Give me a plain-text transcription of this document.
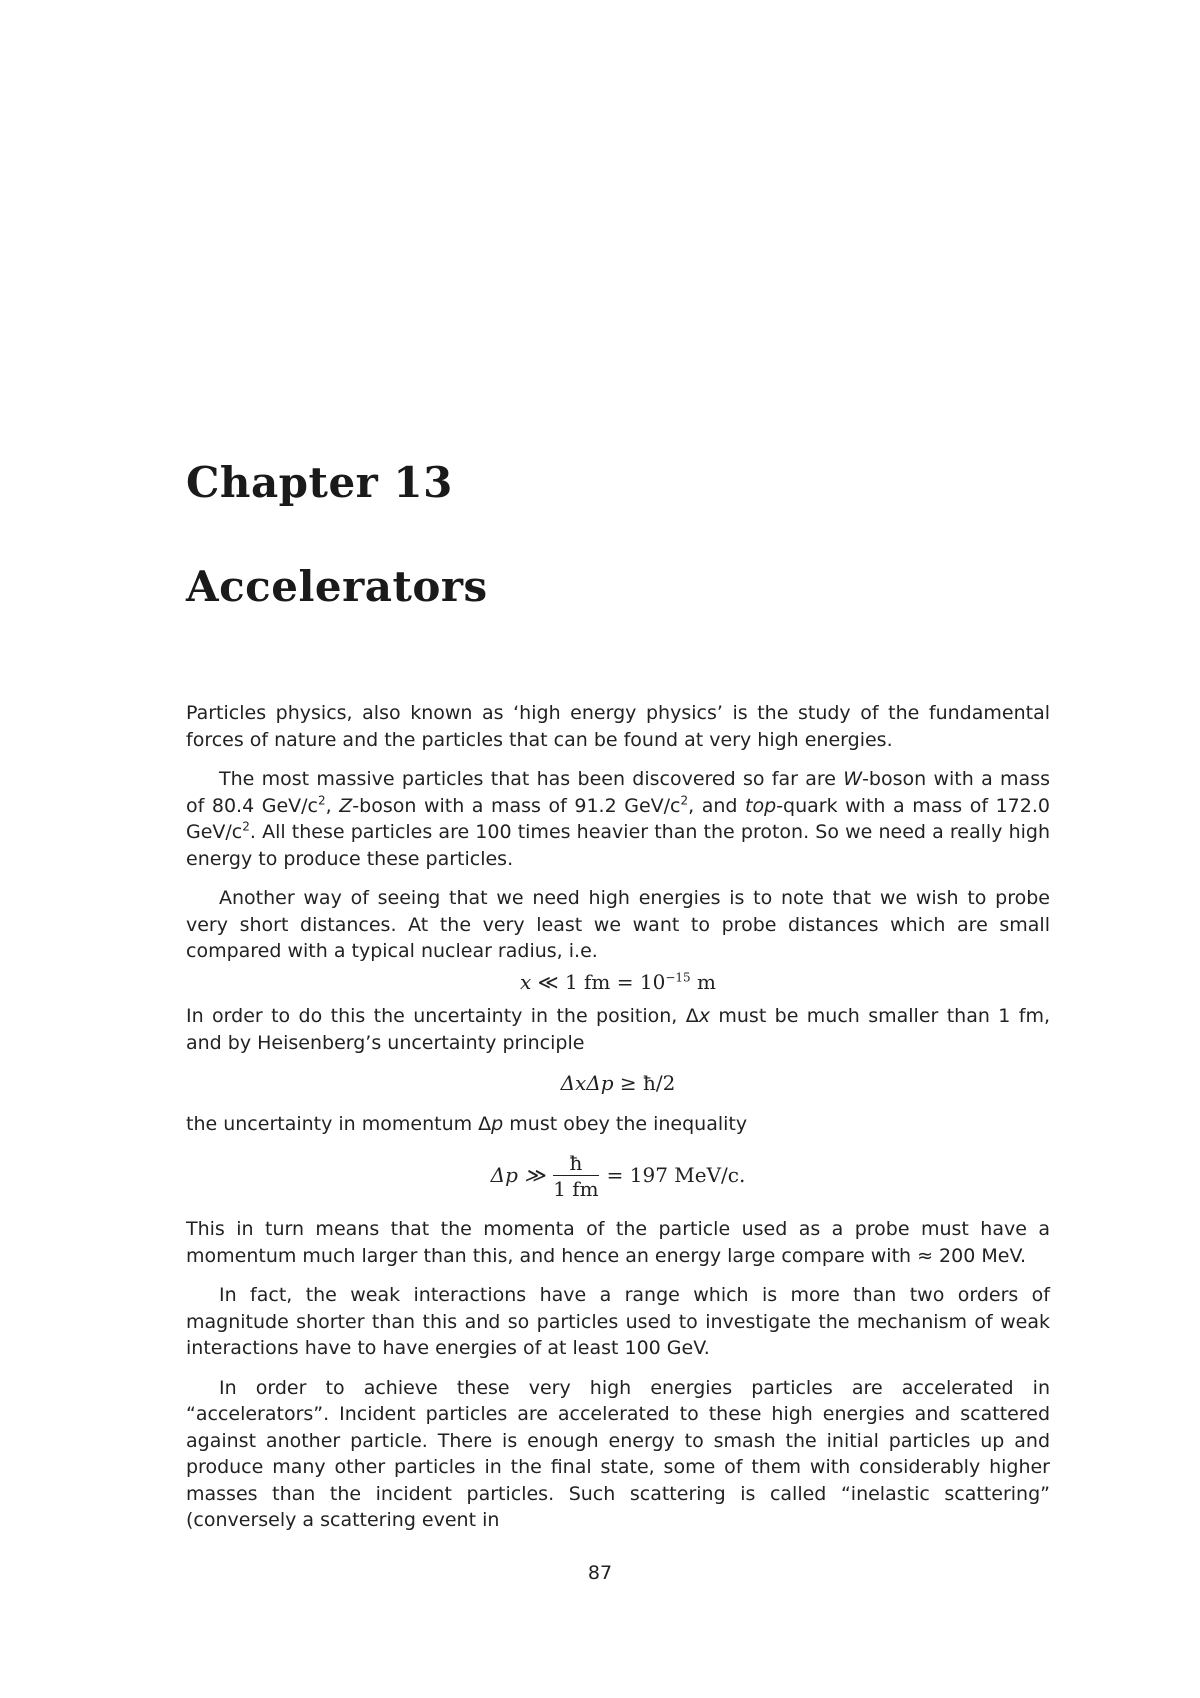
Chapter 13
Accelerators

Particles physics, also known as ‘high energy physics’ is the study of the fundamental forces of nature and the particles that can be found at very high energies.

The most massive particles that has been discovered so far are W-boson with a mass of 80.4 GeV/$c^2$, Z-boson with a mass of 91.2 GeV/$c^2$, and top-quark with a mass of 172.0 GeV/$c^2$. All these particles are 100 times heavier than the proton. So we need a really high energy to produce these particles.

Another way of seeing that we need high energies is to note that we wish to probe very short distances. At the very least we want to probe distances which are small compared with a typical nuclear radius, i.e.

x ≪ 1 fm = $10^{-15}$ m

In order to do this the uncertainty in the position, Δx must be much smaller than 1 fm, and by Heisenberg’s uncertainty principle

ΔxΔp ≥ ħ/2

the uncertainty in momentum Δp must obey the inequality

Δp ≫ $\frac{ħ}{1 fm} = 197$ MeV/c.

This in turn means that the momenta of the particle used as a probe must have a momentum much larger than this, and hence an energy large compare with ≈ 200 MeV.

In fact, the weak interactions have a range which is more than two orders of magnitude shorter than this and so particles used to investigate the mechanism of weak interactions have to have energies of at least 100 GeV.

In order to achieve these very high energies particles are accelerated in “accelerators”. Incident particles are accelerated to these high energies and scattered against another particle. There is enough energy to smash the initial particles up and produce many other particles in the final state, some of them with considerably higher masses than the incident particles. Such scattering is called “inelastic scattering” (conversely a scattering event in

87
